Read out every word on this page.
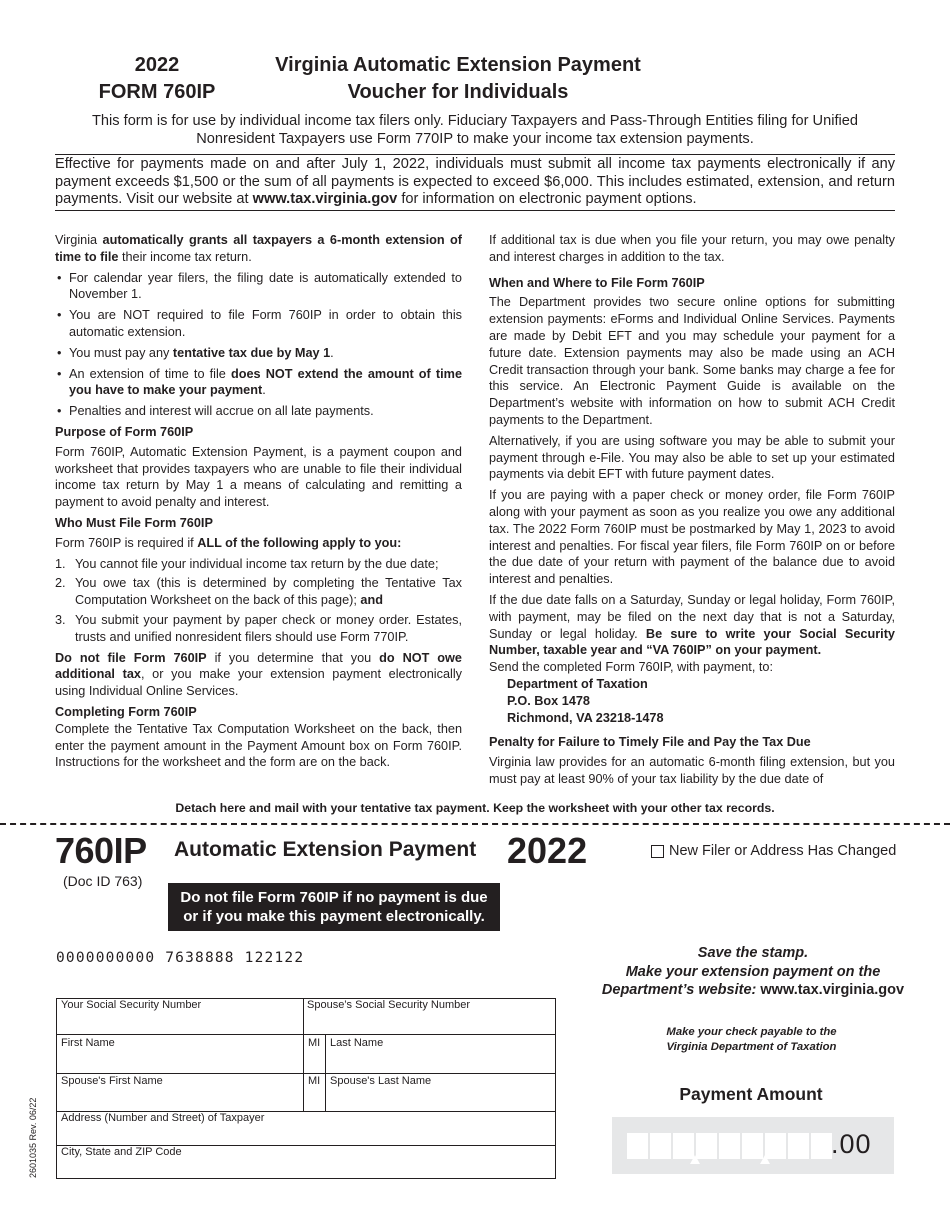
2022
FORM 760IP
Virginia Automatic Extension Payment
Voucher for Individuals
This form is for use by individual income tax filers only. Fiduciary Taxpayers and Pass-Through Entities filing for Unified Nonresident Taxpayers use Form 770IP to make your income tax extension payments.
Effective for payments made on and after July 1, 2022, individuals must submit all income tax payments electronically if any payment exceeds $1,500 or the sum of all payments is expected to exceed $6,000. This includes estimated, extension, and return payments. Visit our website at www.tax.virginia.gov for information on electronic payment options.

Virginia automatically grants all taxpayers a 6-month extension of time to file their income tax return.

• For calendar year filers, the filing date is automatically extended to November 1.
• You are NOT required to file Form 760IP in order to obtain this automatic extension.
• You must pay any tentative tax due by May 1.
• An extension of time to file does NOT extend the amount of time you have to make your payment.
• Penalties and interest will accrue on all late payments.
Purpose of Form 760IP

Form 760IP, Automatic Extension Payment, is a payment coupon and worksheet that provides taxpayers who are unable to file their individual income tax return by May 1 a means of calculating and remitting a payment to avoid penalty and interest.

Who Must File Form 760IP

Form 760IP is required if ALL of the following apply to you:

1. You cannot file your individual income tax return by the due date;
2. You owe tax (this is determined by completing the Tentative Tax Computation Worksheet on the back of this page); and
3. You submit your payment by paper check or money order. Estates, trusts and unified nonresident filers should use Form 770IP.

Do not file Form 760IP if you determine that you do NOT owe additional tax, or you make your extension payment electronically using Individual Online Services.

Completing Form 760IP

Complete the Tentative Tax Computation Worksheet on the back, then enter the payment amount in the Payment Amount box on Form 760IP. Instructions for the worksheet and the form are on the back.

If additional tax is due when you file your return, you may owe penalty and interest charges in addition to the tax.

When and Where to File Form 760IP

The Department provides two secure online options for submitting extension payments: eForms and Individual Online Services. Payments are made by Debit EFT and you may schedule your payment for a future date. Extension payments may also be made using an ACH Credit transaction through your bank. Some banks may charge a fee for this service. An Electronic Payment Guide is available on the Department’s website with information on how to submit ACH Credit payments to the Department.

Alternatively, if you are using software you may be able to submit your payment through e-File. You may also be able to set up your estimated payments via debit EFT with future payment dates.

If you are paying with a paper check or money order, file Form 760IP along with your payment as soon as you realize you owe any additional tax. The 2022 Form 760IP must be postmarked by May 1, 2023 to avoid interest and penalties. For fiscal year filers, file Form 760IP on or before the due date of your return with payment of the balance due to avoid interest and penalties.

If the due date falls on a Saturday, Sunday or legal holiday, Form 760IP, with payment, may be filed on the next day that is not a Saturday, Sunday or legal holiday. Be sure to write your Social Security Number, taxable year and “VA 760IP” on your payment.

Send the completed Form 760IP, with payment, to:

Department of Taxation
P.O. Box 1478
Richmond, VA 23218-1478
Penalty for Failure to Timely File and Pay the Tax Due

Virginia law provides for an automatic 6-month filing extension, but you must pay at least 90% of your tax liability by the due date of

Detach here and mail with your tentative tax payment. Keep the worksheet with your other tax records.
760IP
(Doc ID 763)
Automatic Extension Payment 2022	New Filer or Address Has Changed
Do not file Form 760IP if no payment is due
or if you make this payment electronically.
0000000000 7638888 122122	Save the stamp.
Make your extension payment on the
Department’s website: www.tax.virginia.gov
Make your check payable to the
Virginia Department of Taxation
Payment Amount
.00
Your Social Security Number	Spouse’s Social Security Number
First Name	MI Last Name
Spouse's First Name	MI Spouse's Last Name
Address (Number and Street) of Taxpayer
City, State and ZIP Code
2601035 Rev. 06/22
